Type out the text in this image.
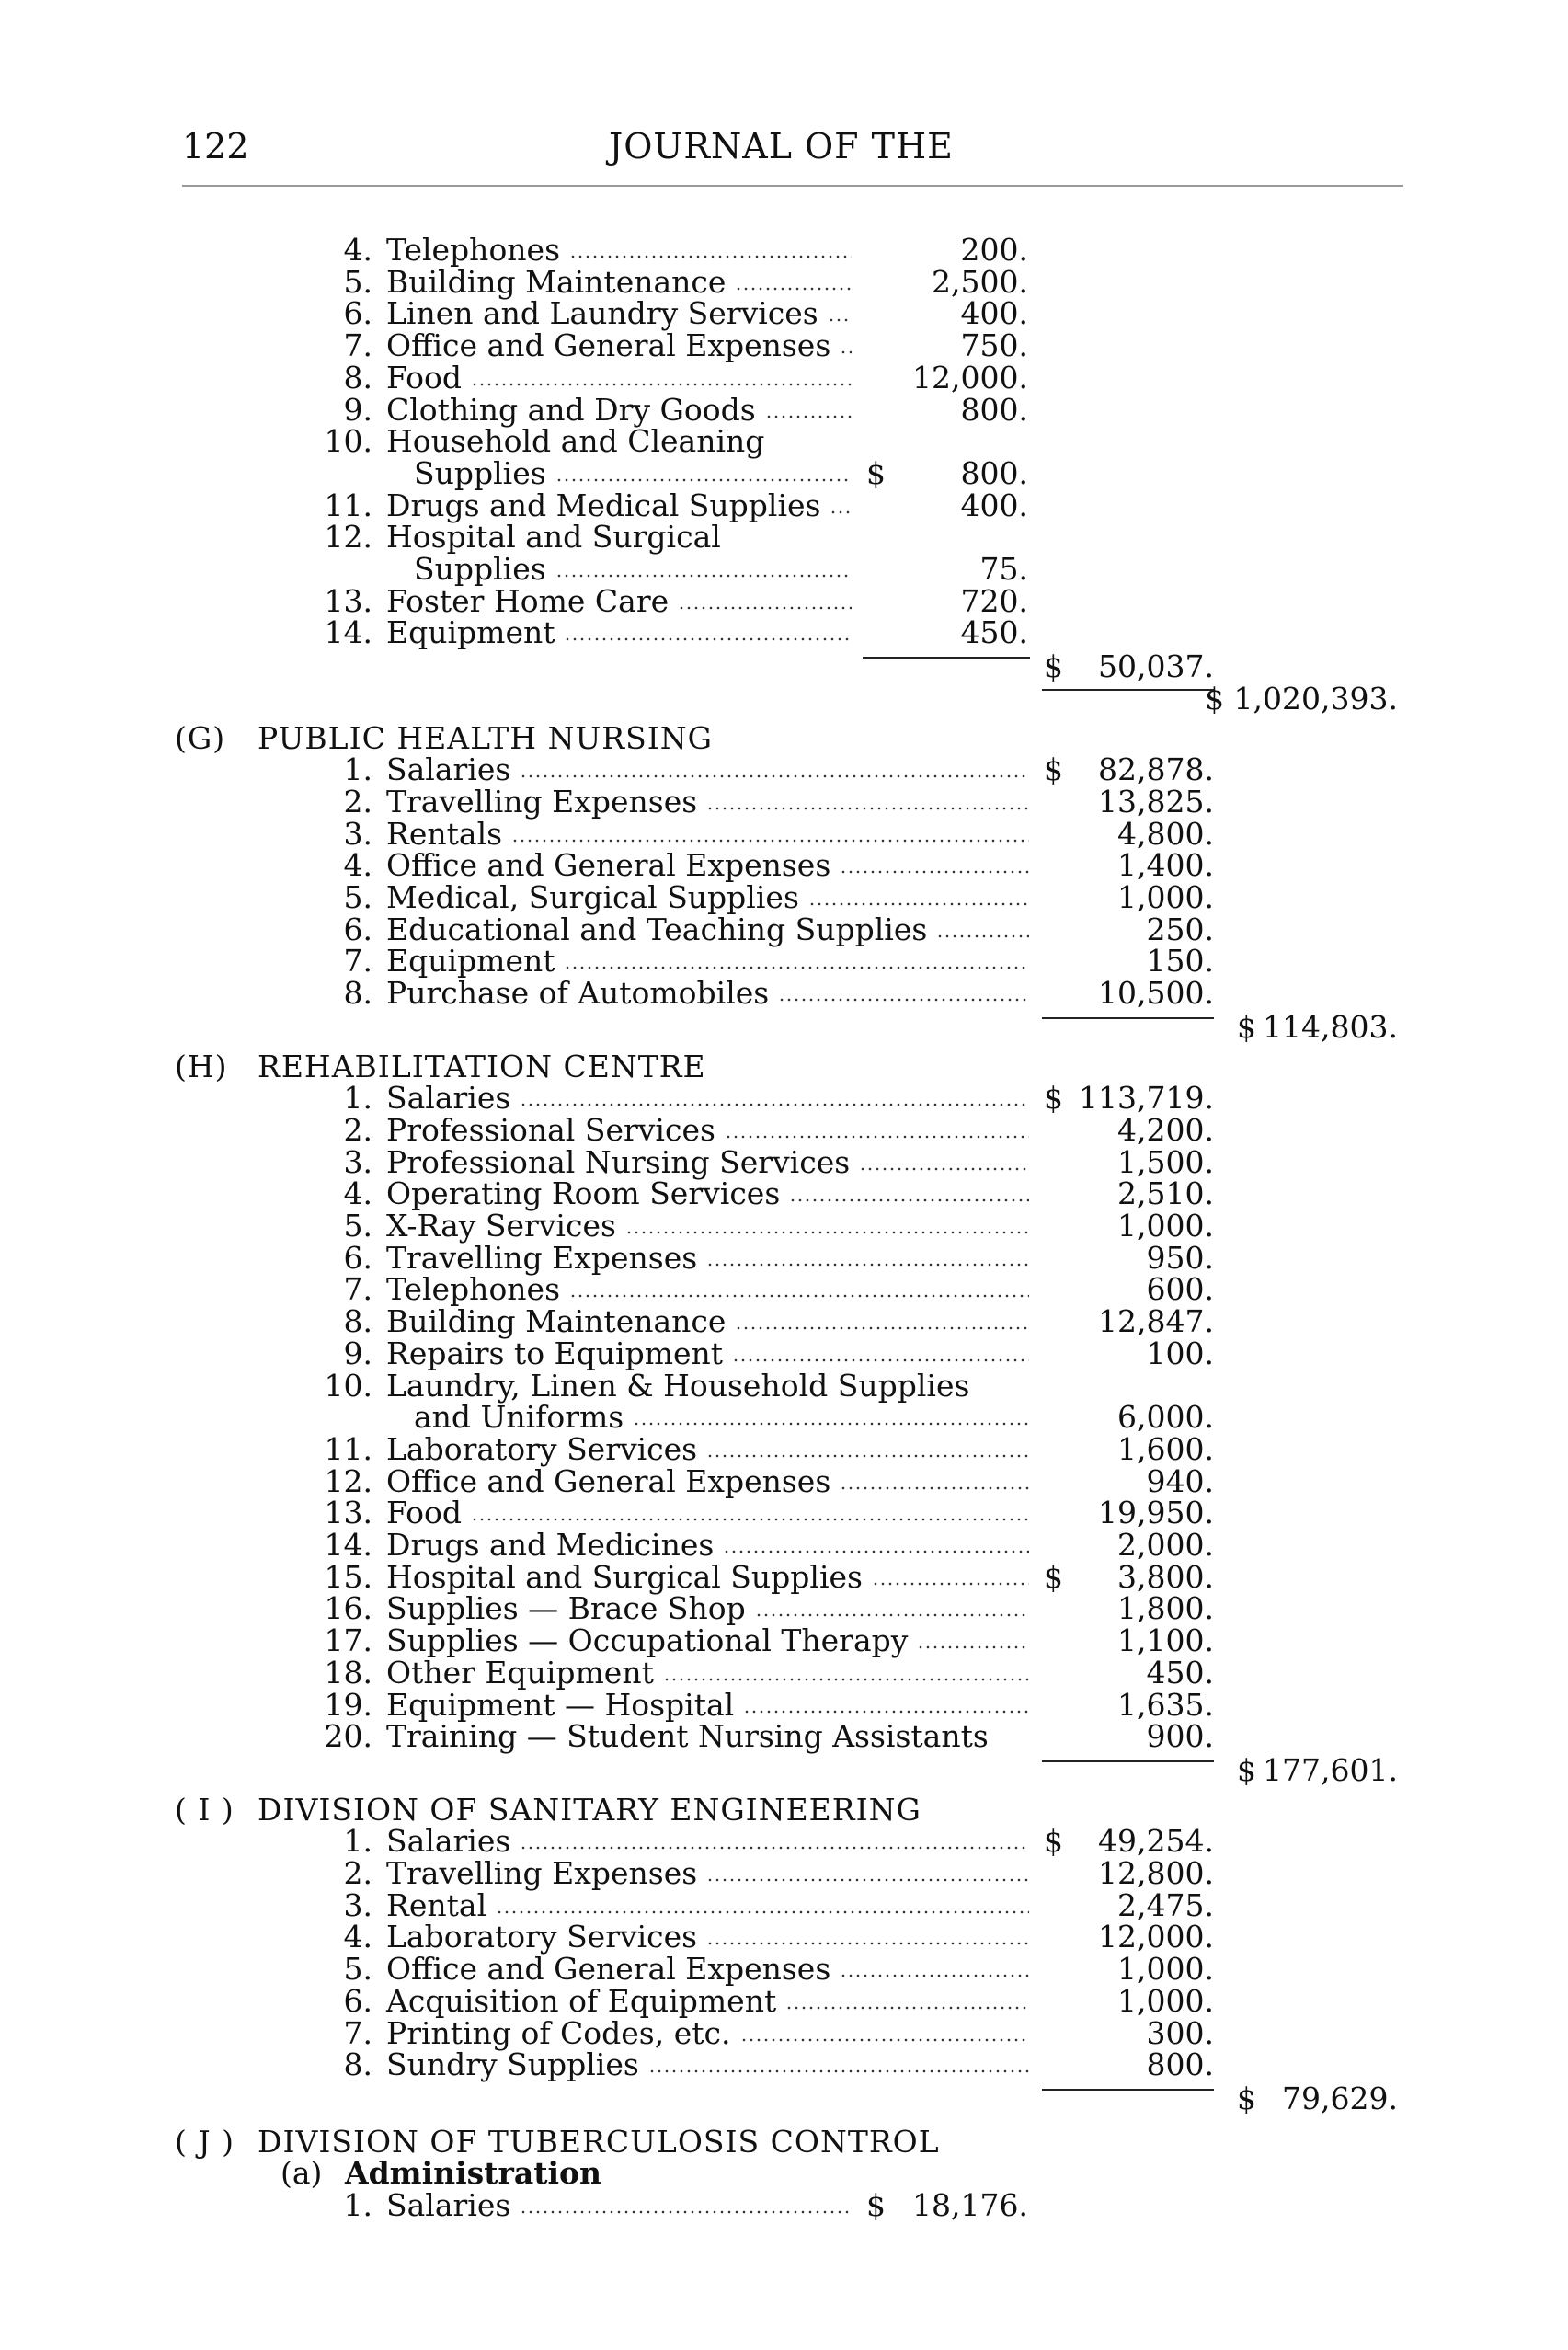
122	JOURNAL OF THE
4. Telephones	200.
5. Building Maintenance	2,500.
6. Linen and Laundry Services	400.
7. Office and General Expenses	750.
8. Food	12,000.
9. Clothing and Dry Goods	800.
10. Household and Cleaning
Supplies	$	800.
11. Drugs and Medical Supplies	400.
12. Hospital and Surgical
Supplies	75.
13. Foster Home Care	720.
14. Equipment	450.
$	50,037.
$ 1,020,393.
(G) PUBLIC HEALTH NURSING
1. Salaries	$	82,878.
2. Travelling Expenses	13,825.
3. Rentals	4,800.
4. Office and General Expenses	1,400.
5. Medical, Surgical Supplies	1,000.
6. Educational and Teaching Supplies	250.
7. Equipment	150.
8. Purchase of Automobiles	10,500.
$ 114,803.
(H) REHABILITATION CENTRE
1. Salaries	$ 113,719.
2. Professional Services	4,200.
3. Professional Nursing Services	1,500.
4. Operating Room Services	2,510.
5. X-Ray Services	1,000.
6. Travelling Expenses	950.
7. Telephones	600.
8. Building Maintenance	12,847.
9. Repairs to Equipment	100.
10. Laundry, Linen & Household Supplies
and Uniforms	6,000.
11. Laboratory Services	1,600.
12. Office and General Expenses	940.
13. Food	19,950.
14. Drugs and Medicines	2,000.
15. Hospital and Surgical Supplies	$	3,800.
16. Supplies — Brace Shop	1,800.
17. Supplies — Occupational Therapy	1,100.
18. Other Equipment	450.
19. Equipment — Hospital	1,635.
20. Training — Student Nursing Assistants	900.
$ 177,601.
( I ) DIVISION OF SANITARY ENGINEERING
1. Salaries	$	49,254.
2. Travelling Expenses	12,800.
3. Rental	2,475.
4. Laboratory Services	12,000.
5. Office and General Expenses	1,000.
6. Acquisition of Equipment	1,000.
7. Printing of Codes, etc.	300.
8. Sundry Supplies	800.
$ 79,629.
( J ) DIVISION OF TUBERCULOSIS CONTROL
(a) Administration
1. Salaries	$ 18,176.
